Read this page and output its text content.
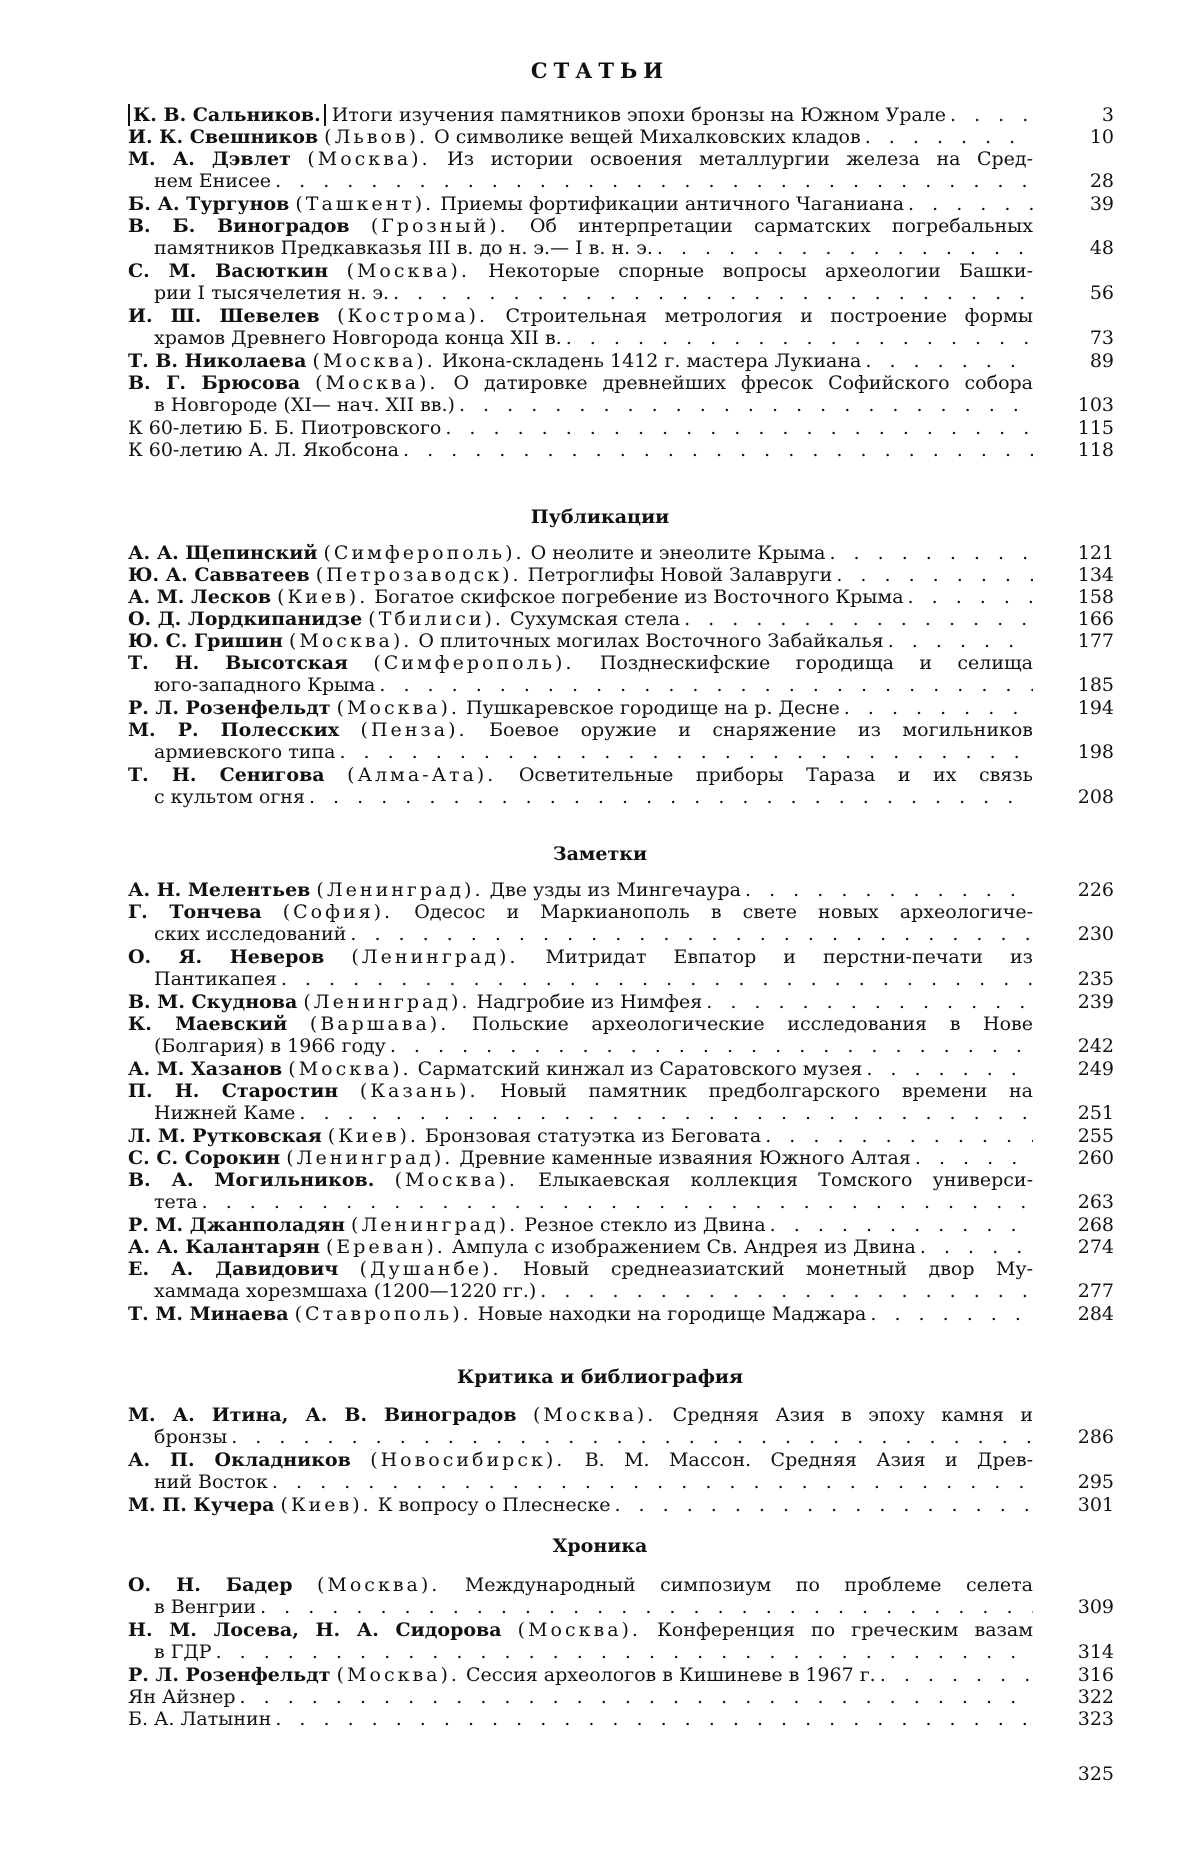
СТАТЬИ
Публикации
Заметки
Критика и библиография
Хроника
К. В. Сальников. Итоги изучения памятников эпохи бронзы на Южном Урале . . .	3
И. К. Свешников (Львов). О символике вещей Михалковских кладов . . .	10
М. А. Дэвлет (Москва). Из истории освоения металлургии железа на Сред-
нем Енисее . . .	28
Б. А. Тургунов (Ташкент). Приемы фортификации античного Чаганиана . . .	39
В. Б. Виноградов (Грозный). Об интерпретации сарматских погребальных
памятников Предкавказья III в. до н. э.— I в. н. э. . . .	48
С. М. Васюткин (Москва). Некоторые спорные вопросы археологии Башки-
рии I тысячелетия н. э. . . .	56
И. Ш. Шевелев (Кострома). Строительная метрология и построение формы
храмов Древнего Новгорода конца XII в. . . .	73
Т. В. Николаева (Москва). Икона-складень 1412 г. мастера Лукиана . . .	89
В. Г. Брюсова (Москва). О датировке древнейших фресок Софийского собора
в Новгороде (XI— нач. XII вв.) . . .	103
К 60-летию Б. Б. Пиотровского . . .	115
К 60-летию А. Л. Якобсона . . .	118
А. А. Щепинский (Симферополь). О неолите и энеолите Крыма . . .	121
Ю. А. Савватеев (Петрозаводск). Петроглифы Новой Залавруги . . .	134
А. М. Лесков (Киев). Богатое скифское погребение из Восточного Крыма . . .	158
О. Д. Лордкипанидзе (Тбилиси). Сухумская стела . . .	166
Ю. С. Гришин (Москва). О плиточных могилах Восточного Забайкалья . . .	177
Т. Н. Высотская (Симферополь). Позднескифские городища и селища
юго-западного Крыма . . .	185
Р. Л. Розенфельдт (Москва). Пушкаревское городище на р. Десне . . .	194
М. Р. Полесских (Пенза). Боевое оружие и снаряжение из могильников
армиевского типа . . .	198
Т. Н. Сенигова (Алма-Ата). Осветительные приборы Тараза и их связь
с культом огня . . .	208
А. Н. Мелентьев (Ленинград). Две узды из Мингечаура . . .	226
Г. Тончева (София). Одесос и Маркианополь в свете новых археологиче-
ских исследований . . .	230
О. Я. Неверов (Ленинград). Митридат Евпатор и перстни-печати из
Пантикапея . . .	235
В. М. Скуднова (Ленинград). Надгробие из Нимфея . . .	239
К. Маевский (Варшава). Польские археологические исследования в Нове
(Болгария) в 1966 году . . .	242
А. М. Хазанов (Москва). Сарматский кинжал из Саратовского музея . . .	249
П. Н. Старостин (Казань). Новый памятник предболгарского времени на
Нижней Каме . . .	251
Л. М. Рутковская (Киев). Бронзовая статуэтка из Беговата . . .	255
С. С. Сорокин (Ленинград). Древние каменные изваяния Южного Алтая . . .	260
В. А. Могильников. (Москва). Елыкаевская коллекция Томского универси-
тета . . .	263
Р. М. Джанполадян (Ленинград). Резное стекло из Двина . . .	268
А. А. Калантарян (Ереван). Ампула с изображением Св. Андрея из Двина . . .	274
Е. А. Давидович (Душанбе). Новый среднеазиатский монетный двор Му-
хаммада хорезмшаха (1200—1220 гг.) . . .	277
Т. М. Минаева (Ставрополь). Новые находки на городище Маджара . . .	284
М. А. Итина, А. В. Виноградов (Москва). Средняя Азия в эпоху камня и
бронзы . . .	286
А. П. Окладников (Новосибирск). В. М. Массон. Средняя Азия и Древ-
ний Восток . . .	295
М. П. Кучера (Киев). К вопросу о Плеснеске . . .	301
О. Н. Бадер (Москва). Международный симпозиум по проблеме селета
в Венгрии . . .	309
Н. М. Лосева, Н. А. Сидорова (Москва). Конференция по греческим вазам
в ГДР . . .	314
Р. Л. Розенфельдт (Москва). Сессия археологов в Кишиневе в 1967 г. . . .	316
Ян Айзнер . . .	322
Б. А. Латынин . . .	323
325
